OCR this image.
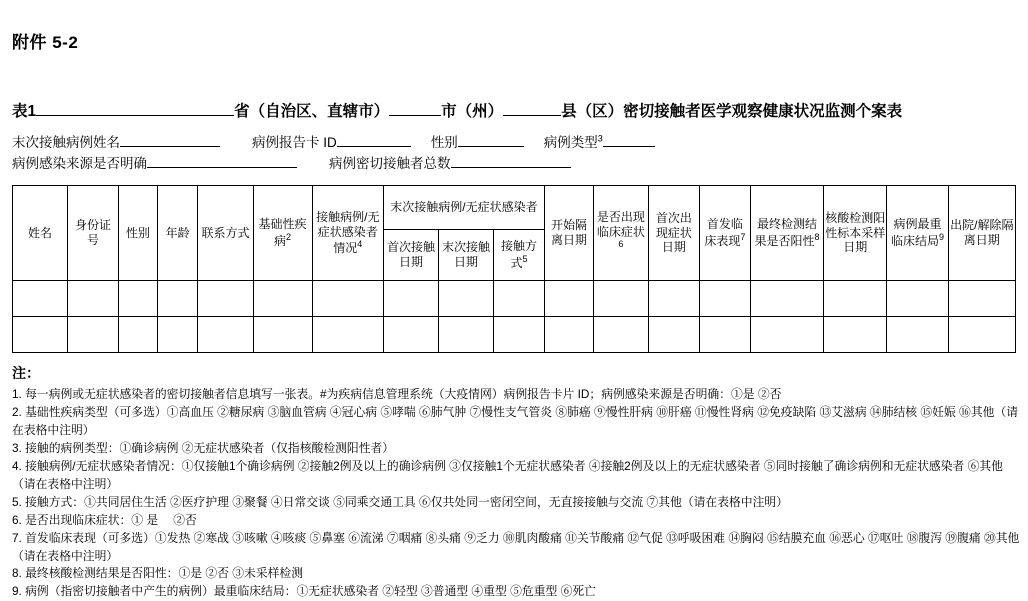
附件 5-2
表1	省（自治区、直辖市）	市（州）	县（区）密切接触者医学观察健康状况监测个案表
末次接触病例姓名	病例报告卡 ID	性别	病例类型$^3$
病例感染来源是否明确	病例密切接触者总数
姓名	身份证号	性别	年龄	联系方式	基础性疾病$^2$	接触病例/无症状感染者情况$^4$	末次接触病例/无症状感染者			开始隔离日期	是否出现临床症状$^6$	首次出现症状日期	首发临床表现$^7$	最终检测结果是否阳性$^8$	核酸检测阳性标本采样日期	病例最重临床结局$^9$	出院/解除隔离日期
							首次接触日期	末次接触日期	接触方式$^5$

注：

1. 每一病例或无症状感染者的密切接触者信息填写一张表。#为疾病信息管理系统（大疫情网）病例报告卡片 ID；病例感染来源是否明确：①是 ②否

2. 基础性疾病类型（可多选）①高血压 ②糖尿病 ③脑血管病 ④冠心病 ⑤哮喘 ⑥肺气肿 ⑦慢性支气管炎 ⑧肺癌 ⑨慢性肝病 ⑩肝癌 ⑪慢性肾病 ⑫免疫缺陷 ⑬艾滋病 ⑭肺结核 ⑮妊娠 ⑯其他（请在表格中注明）

3. 接触的病例类型：①确诊病例 ②无症状感染者（仅指核酸检测阳性者）

4. 接触病例/无症状感染者情况：①仅接触1个确诊病例 ②接触2例及以上的确诊病例 ③仅接触1个无症状感染者 ④接触2例及以上的无症状感染者 ⑤同时接触了确诊病例和无症状感染者 ⑥其他（请在表格中注明）

5. 接触方式：①共同居住生活 ②医疗护理 ③聚餐 ④日常交谈 ⑤同乘交通工具 ⑥仅共处同一密闭空间，无直接接触与交流 ⑦其他（请在表格中注明）

6. 是否出现临床症状：① 是　 ②否

7. 首发临床表现（可多选）①发热 ②寒战 ③咳嗽 ④咳痰 ⑤鼻塞 ⑥流涕 ⑦咽痛 ⑧头痛 ⑨乏力 ⑩肌肉酸痛 ⑪关节酸痛 ⑫气促 ⑬呼吸困难 ⑭胸闷 ⑮结膜充血 ⑯恶心 ⑰呕吐 ⑱腹泻 ⑲腹痛 ⑳其他（请在表格中注明）

8. 最终核酸检测结果是否阳性：①是 ②否 ③未采样检测

9. 病例（指密切接触者中产生的病例）最重临床结局：①无症状感染者 ②轻型 ③普通型 ④重型 ⑤危重型 ⑥死亡
